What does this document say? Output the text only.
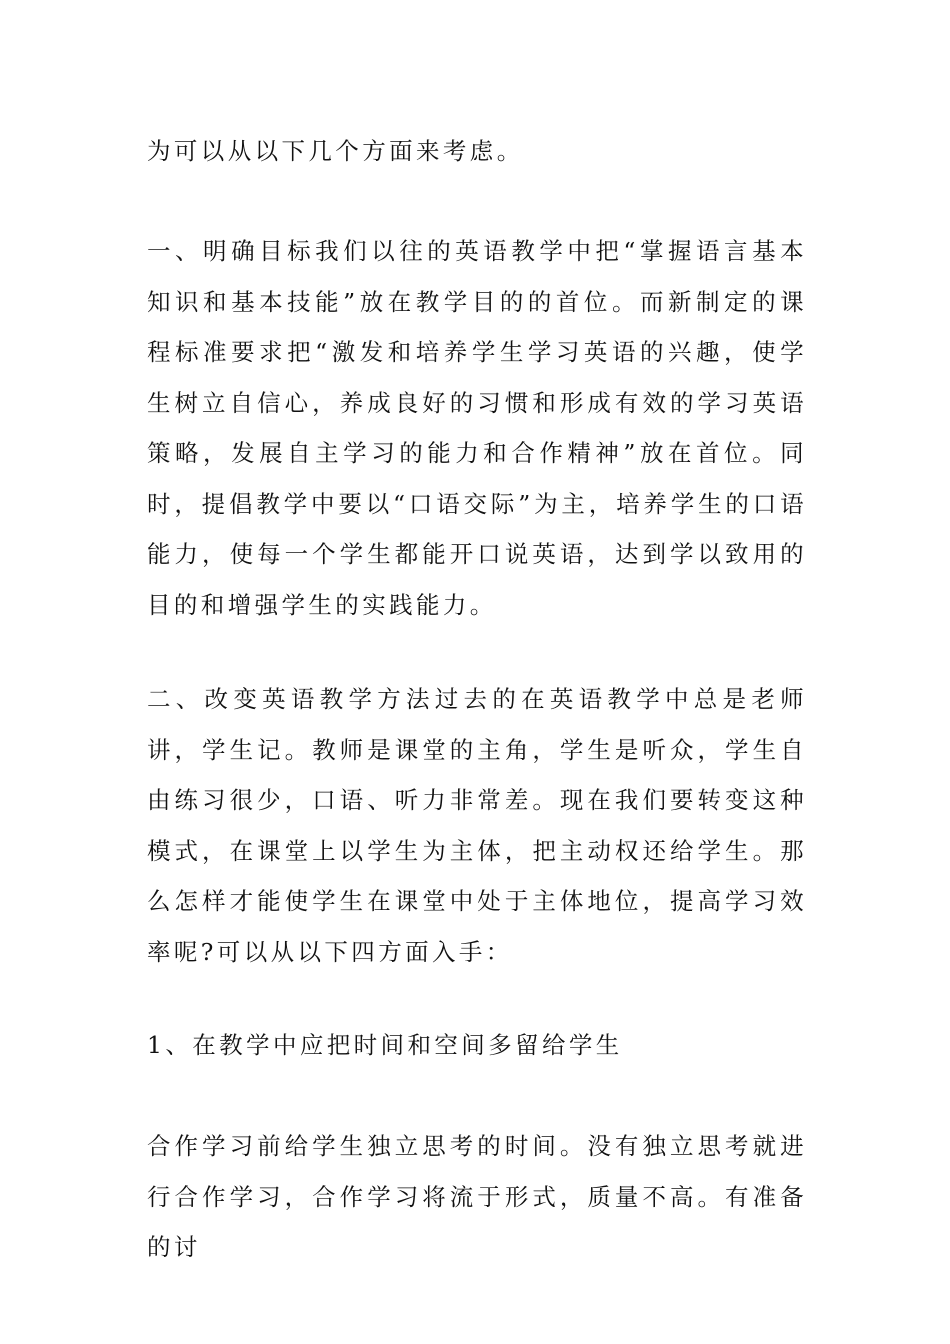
为可以从以下几个方面来考虑。

一、明确目标我们以往的英语教学中把“掌握语言基本知识和基本技能”放在教学目的的首位。而新制定的课程标准要求把“激发和培养学生学习英语的兴趣，使学生树立自信心，养成良好的习惯和形成有效的学习英语策略，发展自主学习的能力和合作精神”放在首位。同时，提倡教学中要以“口语交际”为主，培养学生的口语能力，使每一个学生都能开口说英语，达到学以致用的目的和增强学生的实践能力。

二、改变英语教学方法过去的在英语教学中总是老师讲，学生记。教师是课堂的主角，学生是听众，学生自由练习很少，口语、听力非常差。现在我们要转变这种模式，在课堂上以学生为主体，把主动权还给学生。那么怎样才能使学生在课堂中处于主体地位，提高学习效率呢?可以从以下四方面入手：

1、在教学中应把时间和空间多留给学生

合作学习前给学生独立思考的时间。没有独立思考就进行合作学习，合作学习将流于形式，质量不高。有准备的讨
